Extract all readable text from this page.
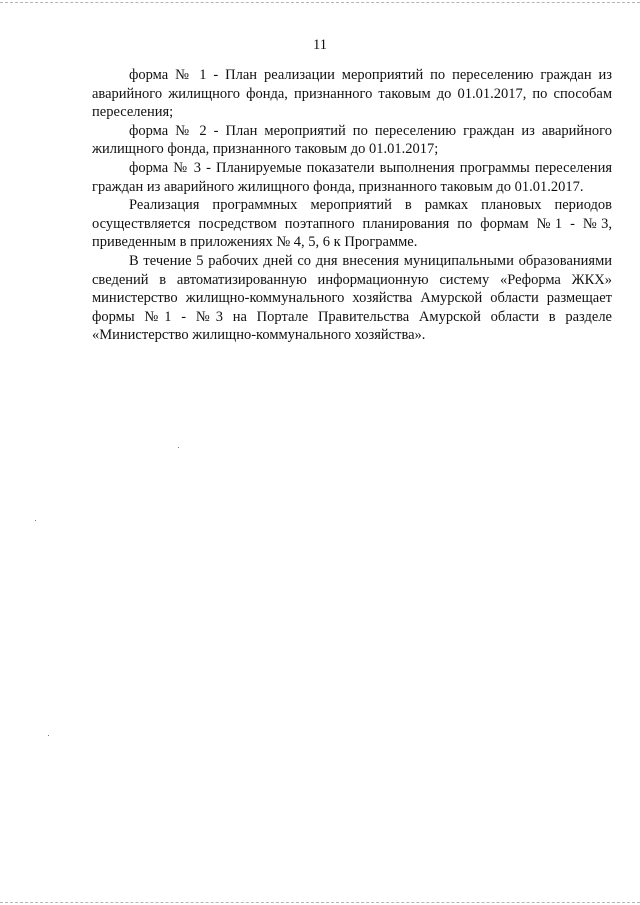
11

форма № 1 - План реализации мероприятий по переселению граждан из аварийного жилищного фонда, признанного таковым до 01.01.2017, по способам переселения;

форма № 2 - План мероприятий по переселению граждан из аварийного жилищного фонда, признанного таковым до 01.01.2017;

форма № 3 - Планируемые показатели выполнения программы переселения граждан из аварийного жилищного фонда, признанного таковым до 01.01.2017.

Реализация программных мероприятий в рамках плановых периодов осуществляется посредством поэтапного планирования по формам №1 - №3, приведенным в приложениях № 4, 5, 6 к Программе.

В течение 5 рабочих дней со дня внесения муниципальными образованиями сведений в автоматизированную информационную систему «Реформа ЖКХ» министерство жилищно-коммунального хозяйства Амурской области размещает формы №1 - №3 на Портале Правительства Амурской области в разделе «Министерство жилищно-коммунального хозяйства».
